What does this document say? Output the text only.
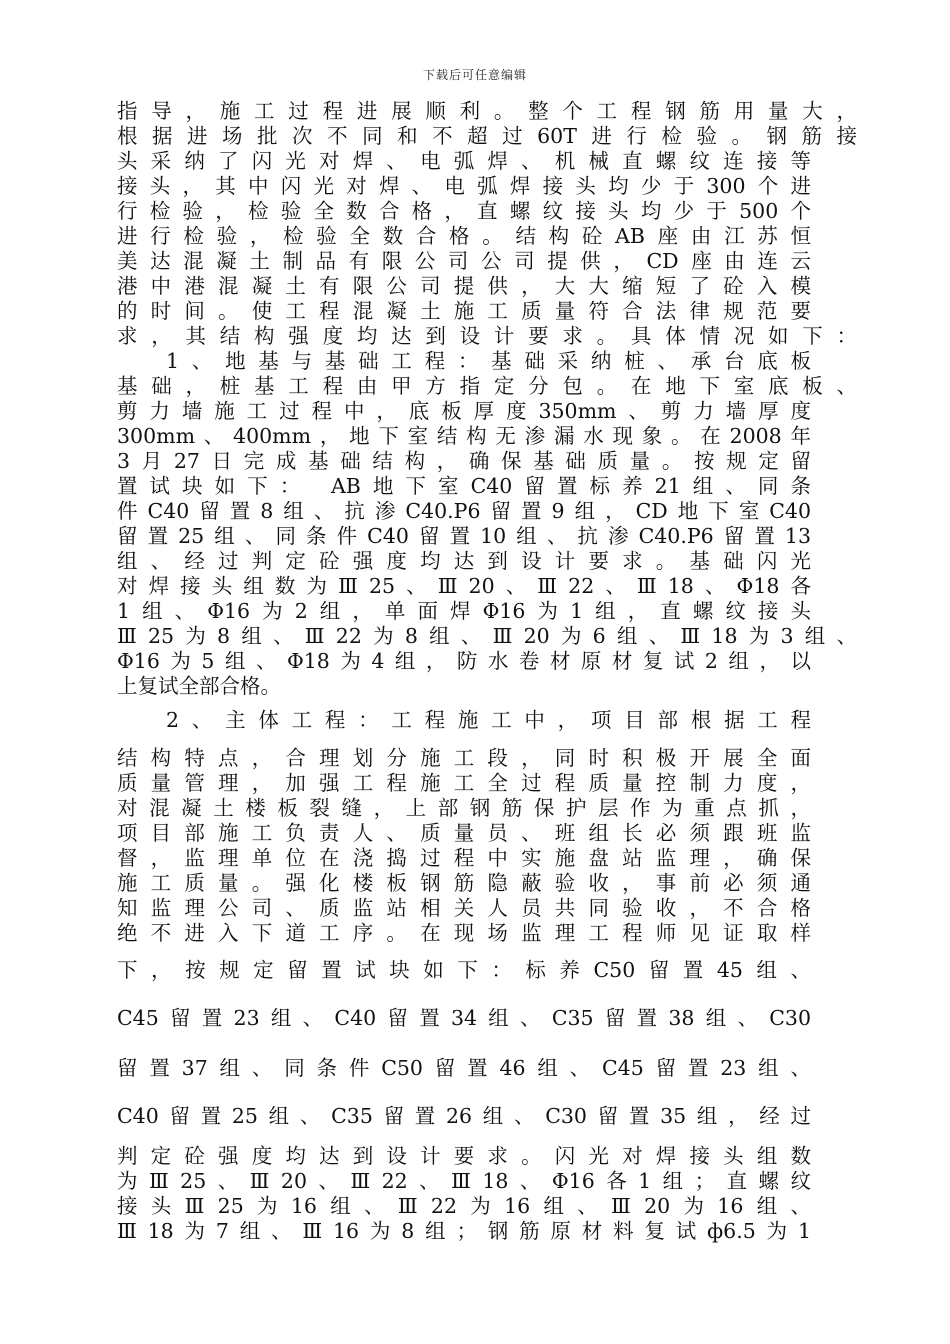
下载后可任意编辑
指导，施工过程进展顺利。整个工程钢筋用量大，
根据进场批次不同和不超过60T进行检验。钢筋接
头采纳了闪光对焊、电弧焊、机械直螺纹连接等
接头，其中闪光对焊、电弧焊接头均少于300个进
行检验，检验全数合格，直螺纹接头均少于500个
进行检验，检验全数合格。结构砼AB座由江苏恒
美达混凝土制品有限公司公司提供，CD座由连云
港中港混凝土有限公司提供，大大缩短了砼入模
的时间。使工程混凝土施工质量符合法律规范要
求，其结构强度均达到设计要求。具体情况如下：
1、地基与基础工程：基础采纳桩、承台底板
基础，桩基工程由甲方指定分包。在地下室底板、
剪力墙施工过程中，底板厚度350mm、剪力墙厚度
300mm、400mm，地下室结构无渗漏水现象。在2008年
3月27日完成基础结构，确保基础质量。按规定留
置试块如下： AB地下室C40留置标养21组、同条
件C40留置8组、抗渗C40.P6留置9组，CD地下室C40
留置25组、同条件C40留置10组、抗渗C40.P6留置13
组、经过判定砼强度均达到设计要求。基础闪光
对焊接头组数为Ⅲ25、Ⅲ20、Ⅲ22、Ⅲ18、Φ18各
1组、Φ16为2组，单面焊Φ16为1组，直螺纹接头
Ⅲ25为8组、Ⅲ22为8组、Ⅲ20为6组、Ⅲ18为3组、
Φ16为5组、Φ18为4组，防水卷材原材复试2组，以
上复试全部合格。
2、主体工程：工程施工中，项目部根据工程
结构特点，合理划分施工段，同时积极开展全面
质量管理，加强工程施工全过程质量控制力度，
对混凝土楼板裂缝，上部钢筋保护层作为重点抓，
项目部施工负责人、质量员、班组长必须跟班监
督，监理单位在浇捣过程中实施盘站监理，确保
施工质量。强化楼板钢筋隐蔽验收，事前必须通
知监理公司、质监站相关人员共同验收，不合格
绝不进入下道工序。在现场监理工程师见证取样
下，按规定留置试块如下：标养C50留置45组、
C45留置23组、C40留置34组、C35留置38组、C30
留置37组、同条件C50留置46组、C45留置23组、
C40留置25组、C35留置26组、C30留置35组，经过
判定砼强度均达到设计要求。闪光对焊接头组数
为Ⅲ25、Ⅲ20、Ⅲ22、Ⅲ18、Φ16各1组；直螺纹
接头Ⅲ25为16组、Ⅲ22为16组、Ⅲ20为16组、
Ⅲ18为7组、Ⅲ16为8组；钢筋原材料复试ф6.5为1
